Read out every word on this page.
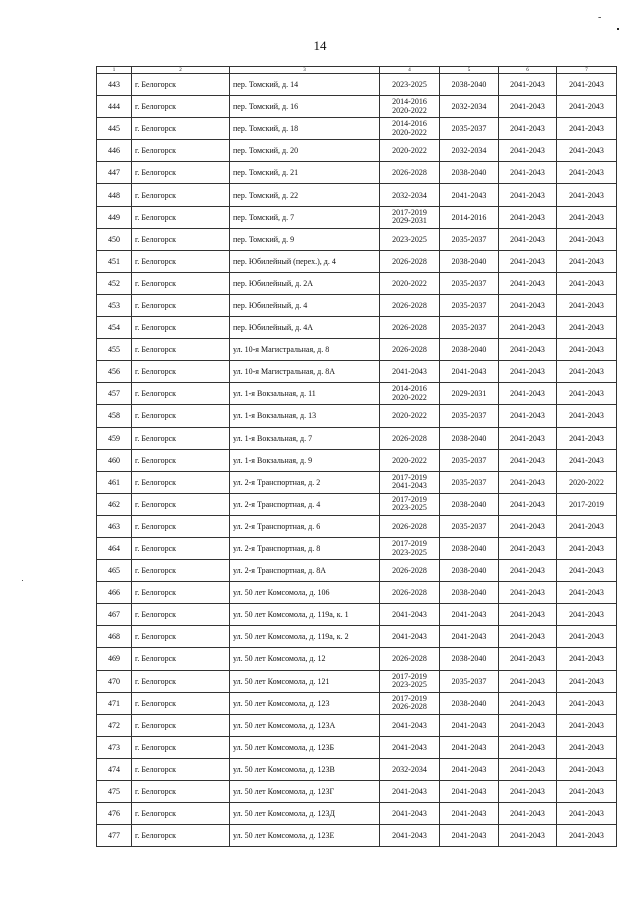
-
14
1	2	3	4	5	6	7
443	г. Белогорск	пер. Томский, д. 14	2023-2025	2038-2040	2041-2043	2041-2043
444	г. Белогорск	пер. Томский, д. 16	2014-2016
2020-2022	2032-2034	2041-2043	2041-2043
445	г. Белогорск	пер. Томский, д. 18	2014-2016
2020-2022	2035-2037	2041-2043	2041-2043
446	г. Белогорск	пер. Томский, д. 20	2020-2022	2032-2034	2041-2043	2041-2043
447	г. Белогорск	пер. Томский, д. 21	2026-2028	2038-2040	2041-2043	2041-2043
448	г. Белогорск	пер. Томский, д. 22	2032-2034	2041-2043	2041-2043	2041-2043
449	г. Белогорск	пер. Томский, д. 7	2017-2019
2029-2031	2014-2016	2041-2043	2041-2043
450	г. Белогорск	пер. Томский, д. 9	2023-2025	2035-2037	2041-2043	2041-2043
451	г. Белогорск	пер. Юбилейный (перех.), д. 4	2026-2028	2038-2040	2041-2043	2041-2043
452	г. Белогорск	пер. Юбилейный, д. 2А	2020-2022	2035-2037	2041-2043	2041-2043
453	г. Белогорск	пер. Юбилейный, д. 4	2026-2028	2035-2037	2041-2043	2041-2043
454	г. Белогорск	пер. Юбилейный, д. 4А	2026-2028	2035-2037	2041-2043	2041-2043
455	г. Белогорск	ул. 10-я Магистральная, д. 8	2026-2028	2038-2040	2041-2043	2041-2043
456	г. Белогорск	ул. 10-я Магистральная, д. 8А	2041-2043	2041-2043	2041-2043	2041-2043
457	г. Белогорск	ул. 1-я Вокзальная, д. 11	2014-2016
2020-2022	2029-2031	2041-2043	2041-2043
458	г. Белогорск	ул. 1-я Вокзальная, д. 13	2020-2022	2035-2037	2041-2043	2041-2043
459	г. Белогорск	ул. 1-я Вокзальная, д. 7	2026-2028	2038-2040	2041-2043	2041-2043
460	г. Белогорск	ул. 1-я Вокзальная, д. 9	2020-2022	2035-2037	2041-2043	2041-2043
461	г. Белогорск	ул. 2-я Транспортная, д. 2	2017-2019
2041-2043	2035-2037	2041-2043	2020-2022
462	г. Белогорск	ул. 2-я Транспортная, д. 4	2017-2019
2023-2025	2038-2040	2041-2043	2017-2019
463	г. Белогорск	ул. 2-я Транспортная, д. 6	2026-2028	2035-2037	2041-2043	2041-2043
464	г. Белогорск	ул. 2-я Транспортная, д. 8	2017-2019
2023-2025	2038-2040	2041-2043	2041-2043
465	г. Белогорск	ул. 2-я Транспортная, д. 8А	2026-2028	2038-2040	2041-2043	2041-2043
466	г. Белогорск	ул. 50 лет Комсомола, д. 106	2026-2028	2038-2040	2041-2043	2041-2043
467	г. Белогорск	ул. 50 лет Комсомола, д. 119а, к. 1	2041-2043	2041-2043	2041-2043	2041-2043
468	г. Белогорск	ул. 50 лет Комсомола, д. 119а, к. 2	2041-2043	2041-2043	2041-2043	2041-2043
469	г. Белогорск	ул. 50 лет Комсомола, д. 12	2026-2028	2038-2040	2041-2043	2041-2043
470	г. Белогорск	ул. 50 лет Комсомола, д. 121	2017-2019
2023-2025	2035-2037	2041-2043	2041-2043
471	г. Белогорск	ул. 50 лет Комсомола, д. 123	2017-2019
2026-2028	2038-2040	2041-2043	2041-2043
472	г. Белогорск	ул. 50 лет Комсомола, д. 123А	2041-2043	2041-2043	2041-2043	2041-2043
473	г. Белогорск	ул. 50 лет Комсомола, д. 123Б	2041-2043	2041-2043	2041-2043	2041-2043
474	г. Белогорск	ул. 50 лет Комсомола, д. 123В	2032-2034	2041-2043	2041-2043	2041-2043
475	г. Белогорск	ул. 50 лет Комсомола, д. 123Г	2041-2043	2041-2043	2041-2043	2041-2043
476	г. Белогорск	ул. 50 лет Комсомола, д. 123Д	2041-2043	2041-2043	2041-2043	2041-2043
477	г. Белогорск	ул. 50 лет Комсомола, д. 123Е	2041-2043	2041-2043	2041-2043	2041-2043
